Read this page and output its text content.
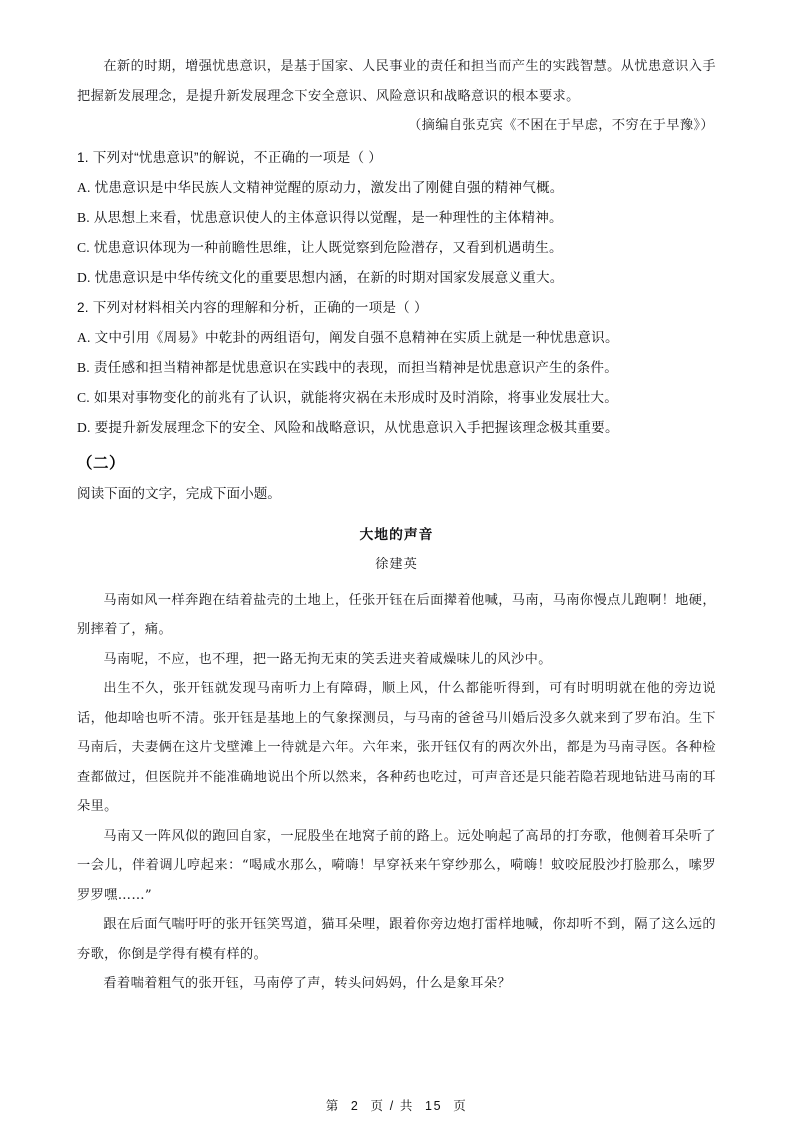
在新的时期，增强忧患意识，是基于国家、人民事业的责任和担当而产生的实践智慧。从忧患意识入手把握新发展理念，是提升新发展理念下安全意识、风险意识和战略意识的根本要求。

（摘编自张克宾《不困在于早虑，不穷在于早豫》）

1. 下列对“忧患意识”的解说，不正确的一项是（ ）

A. 忧患意识是中华民族人文精神觉醒的原动力，激发出了刚健自强的精神气概。

B. 从思想上来看，忧患意识使人的主体意识得以觉醒，是一种理性的主体精神。

C. 忧患意识体现为一种前瞻性思维，让人既觉察到危险潜存，又看到机遇萌生。

D. 忧患意识是中华传统文化的重要思想内涵，在新的时期对国家发展意义重大。

2. 下列对材料相关内容的理解和分析，正确的一项是（ ）

A. 文中引用《周易》中乾卦的两组语句，阐发自强不息精神在实质上就是一种忧患意识。

B. 责任感和担当精神都是忧患意识在实践中的表现，而担当精神是忧患意识产生的条件。

C. 如果对事物变化的前兆有了认识，就能将灾祸在未形成时及时消除，将事业发展壮大。

D. 要提升新发展理念下的安全、风险和战略意识，从忧患意识入手把握该理念极其重要。

（二）

阅读下面的文字，完成下面小题。

大地的声音

徐建英

马南如风一样奔跑在结着盐壳的土地上，任张开钰在后面撵着他喊，马南，马南你慢点儿跑啊！地硬，别摔着了，痛。

马南呢，不应，也不理，把一路无拘无束的笑丢进夹着咸燥味儿的风沙中。

出生不久，张开钰就发现马南听力上有障碍，顺上风，什么都能听得到，可有时明明就在他的旁边说话，他却啥也听不清。张开钰是基地上的气象探测员，与马南的爸爸马川婚后没多久就来到了罗布泊。生下马南后，夫妻俩在这片戈壁滩上一待就是六年。六年来，张开钰仅有的两次外出，都是为马南寻医。各种检查都做过，但医院并不能准确地说出个所以然来，各种药也吃过，可声音还是只能若隐若现地钻进马南的耳朵里。

马南又一阵风似的跑回自家，一屁股坐在地窝子前的路上。远处响起了高昂的打夯歌，他侧着耳朵听了一会儿，伴着调儿哼起来：“喝咸水那么，嗬嗨！早穿袄来午穿纱那么，嗬嗨！蚊咬屁股沙打脸那么，嗦罗罗罗嘿……”

跟在后面气喘吁吁的张开钰笑骂道，猫耳朵哩，跟着你旁边炮打雷样地喊，你却听不到，隔了这么远的夯歌，你倒是学得有模有样的。

看着喘着粗气的张开钰，马南停了声，转头问妈妈，什么是象耳朵？

第 2 页 / 共 15 页
